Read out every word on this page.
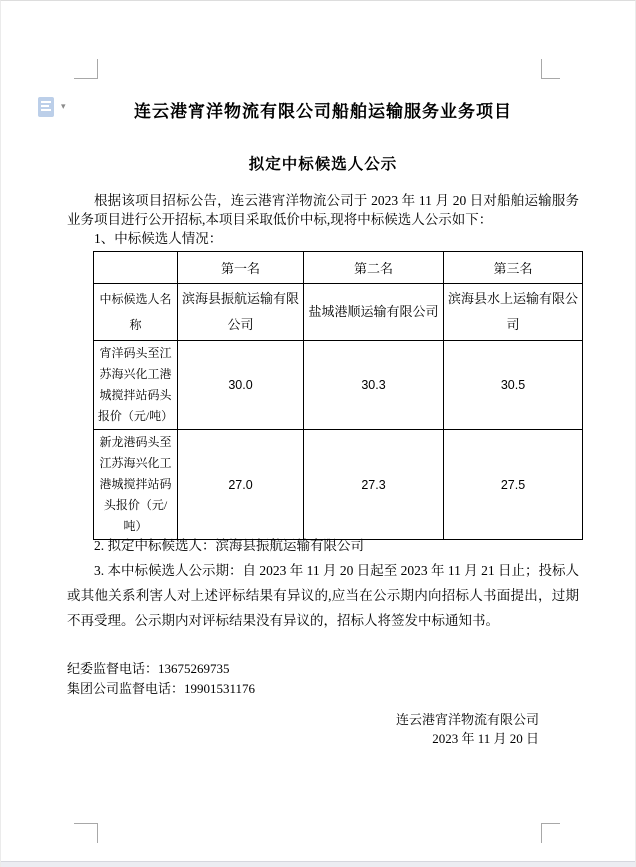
▾	连云港宵洋物流有限公司船舶运输服务业务项目
拟定中标候选人公示

根据该项目招标公告，连云港宵洋物流公司于 2023 年 11 月 20 日对船舶运输服务业务项目进行公开招标,本项目采取低价中标,现将中标候选人公示如下：

1、中标候选人情况：

	第一名	第二名	第三名
中标候选人名称	滨海县振航运输有限公司	盐城港顺运输有限公司	滨海县水上运输有限公司
宵洋码头至江苏海兴化工港城搅拌站码头报价（元/吨）	30.0	30.3	30.5
新龙港码头至江苏海兴化工港城搅拌站码头报价（元/吨）	27.0	27.3	27.5
2. 拟定中标候选人：滨海县振航运输有限公司
3. 本中标候选人公示期：自 2023 年 11 月 20 日起至 2023 年 11 月 21 日止；投标人或其他关系利害人对上述评标结果有异议的,应当在公示期内向招标人书面提出，过期不再受理。公示期内对评标结果没有异议的，招标人将签发中标通知书。
纪委监督电话：13675269735
集团公司监督电话：19901531176
连云港宵洋物流有限公司
2023 年 11 月 20 日
